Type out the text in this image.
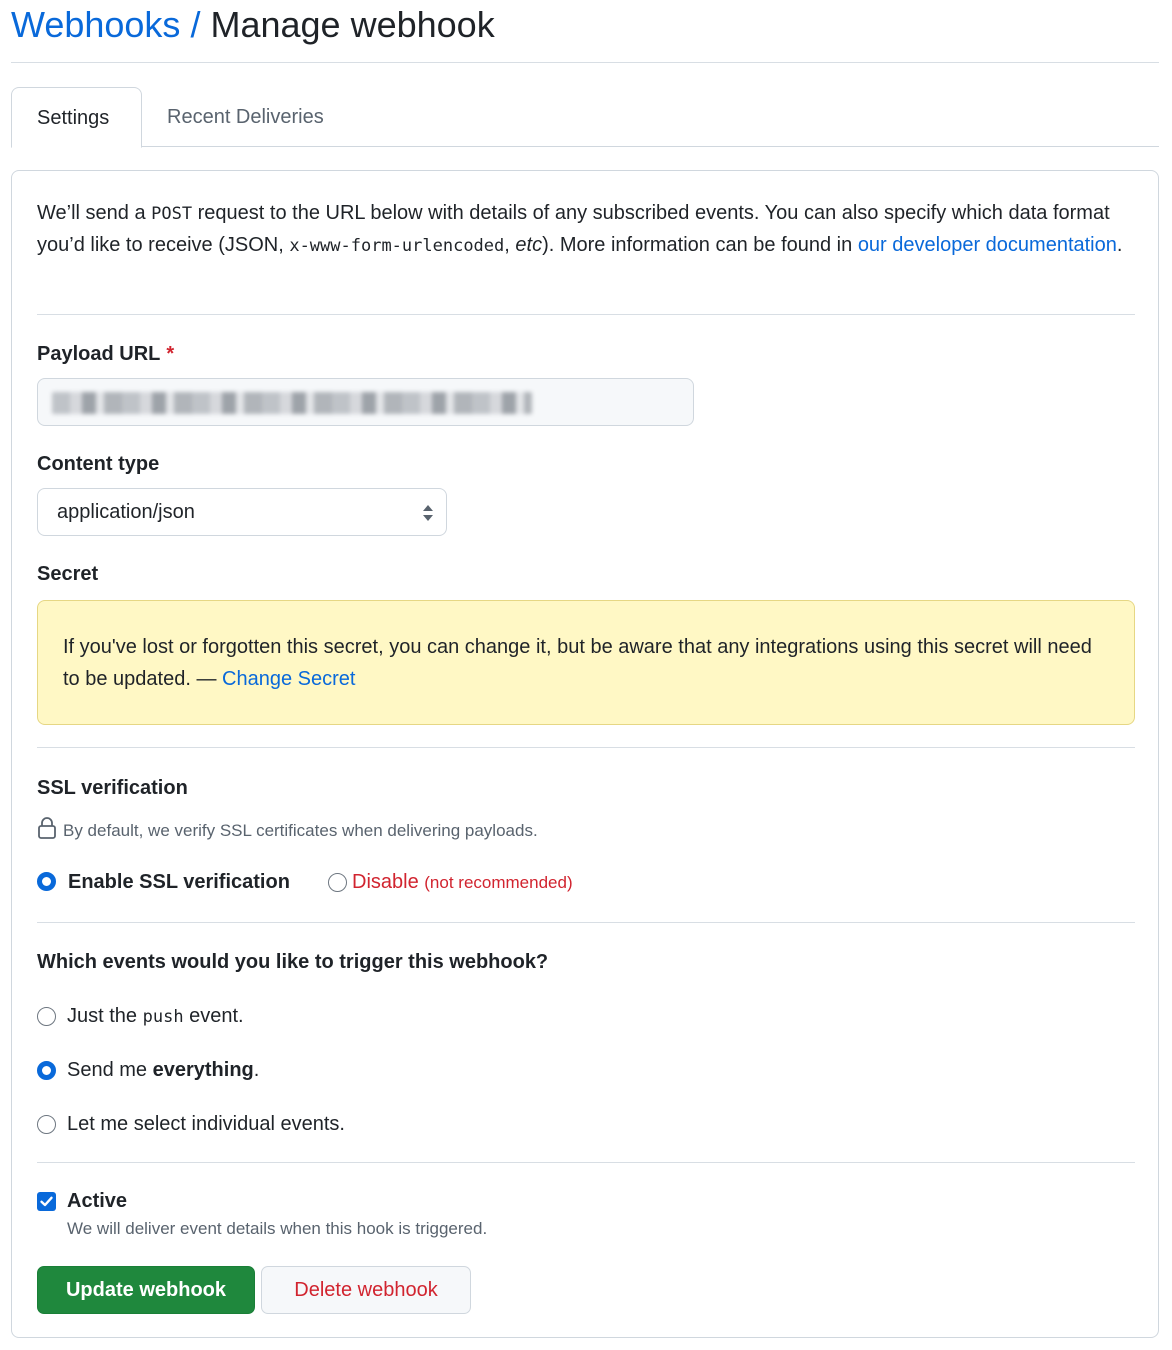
Webhooks / Manage webhook
Settings	Recent Deliveries

We’ll send a POST request to the URL below with details of any subscribed events. You can also specify which data format you’d like to receive (JSON, x-www-form-urlencoded, etc). More information can be found in our developer documentation.

Payload URL *
Content type
application/json
Secret

If you've lost or forgotten this secret, you can change it, but be aware that any integrations using this secret will need to be updated. — Change Secret

SSL verification
By default, we verify SSL certificates when delivering payloads.
Enable SSL verification	Disable (not recommended)
Which events would you like to trigger this webhook?
Just the push event.
Send me everything.
Let me select individual events.
Active
We will deliver event details when this hook is triggered.
Update webhook	Delete webhook
